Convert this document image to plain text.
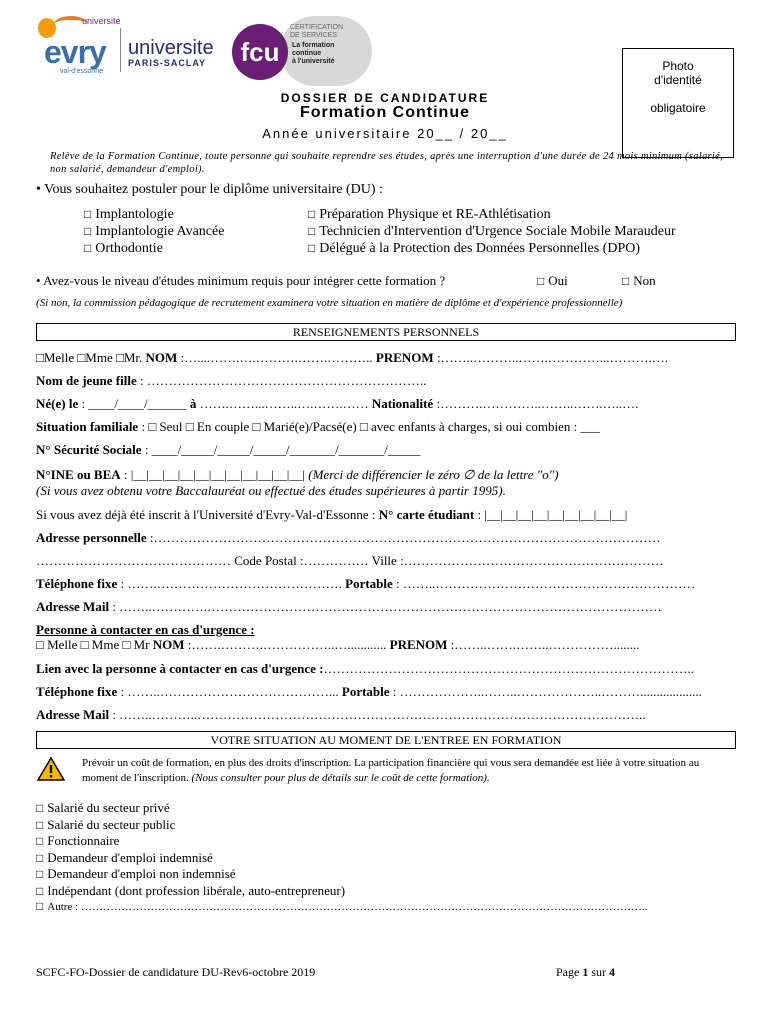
université
evry
val-d'essonne
universite
PARIS-SACLAY
CERTIFICATION
DE SERVICES
La formation
continue
à l'université
fcu	Photo
d'identité
obligatoire
DOSSIER DE CANDIDATURE
Formation Continue
Année universitaire 20__ / 20__
Relève de la Formation Continue, toute personne qui souhaite reprendre ses études, après une interruption d'une durée de 24 mois minimum (salarié, non salarié, demandeur d'emploi).
• Vous souhaitez postuler pour le diplôme universitaire (DU) :
□ Implantologie
□ Implantologie Avancée
□ Orthodontie
□ Préparation Physique et RE-Athlétisation
□ Technicien d'Intervention d'Urgence Sociale Mobile Maraudeur
□ Délégué à la Protection des Données Personnelles (DPO)
• Avez-vous le niveau d'études minimum requis pour intégrer cette formation ?	□ Oui	□ Non
(Si non, la commission pédagogique de recrutement examinera votre situation en matière de diplôme et d'expérience professionnelle)
RENSEIGNEMENTS PERSONNELS
□Melle □Mme □Mr. NOM :…....…….….……….…….……….. PRENOM :……..………..…….…………...……….….
Nom de jeune fille : ………………………………………………………..
Né(e) le : ____/____/______ à …….……...……..….…….…… Nationalité :……….…………..……..…….…..….
Situation familiale : □ Seul □ En couple □ Marié(e)/Pacsé(e) □ avec enfants à charges, si oui combien : ___
N° Sécurité Sociale : ____/_____/_____/_____/_______/_______/_____
N°INE ou BEA : |__|__|__|__|__|__|__|__|__|__|__| (Merci de différencier le zéro ∅ de la lettre "o")
(Si vous avez obtenu votre Baccalauréat ou effectué des études supérieures à partir 1995).
Si vous avez déjà été inscrit à l'Université d'Evry-Val-d'Essonne : N° carte étudiant : |__|__|__|__|__|__|__|__|__|
Adresse personnelle :………………………………………………………………………………………………………
……………………………………… Code Postal :…………… Ville :……………………………………………………
Téléphone fixe : …….……………………………………. Portable : ……..……………………………………………………
Adresse Mail : ……..………….……………………………………………………………………………………………
Personne à contacter en cas d'urgence :
□ Melle □ Mme □ Mr NOM :…….……….……………..…............ PRENOM :……..…….……..……………........
Lien avec la personne à contacter en cas d'urgence :…………………………………………………………………………..
Téléphone fixe : ……..…………………………………... Portable : ………………..……..………………..………...................
Adresse Mail : ……..………..…………………………………………………………………………………………..
VOTRE SITUATION AU MOMENT DE L'ENTREE EN FORMATION
Prévoir un coût de formation, en plus des droits d'inscription. La participation financière qui vous sera demandée est liée à votre situation au moment de l'inscription. (Nous consulter pour plus de détails sur le coût de cette formation).
□ Salarié du secteur privé
□ Salarié du secteur public
□ Fonctionnaire
□ Demandeur d'emploi indemnisé
□ Demandeur d'emploi non indemnisé
□ Indépendant (dont profession libérale, auto-entrepreneur)
□ Autre : ………………………………………………………………………………………………………………………………………..
SCFC-FO-Dossier de candidature DU-Rev6-octobre 2019	Page 1 sur 4
